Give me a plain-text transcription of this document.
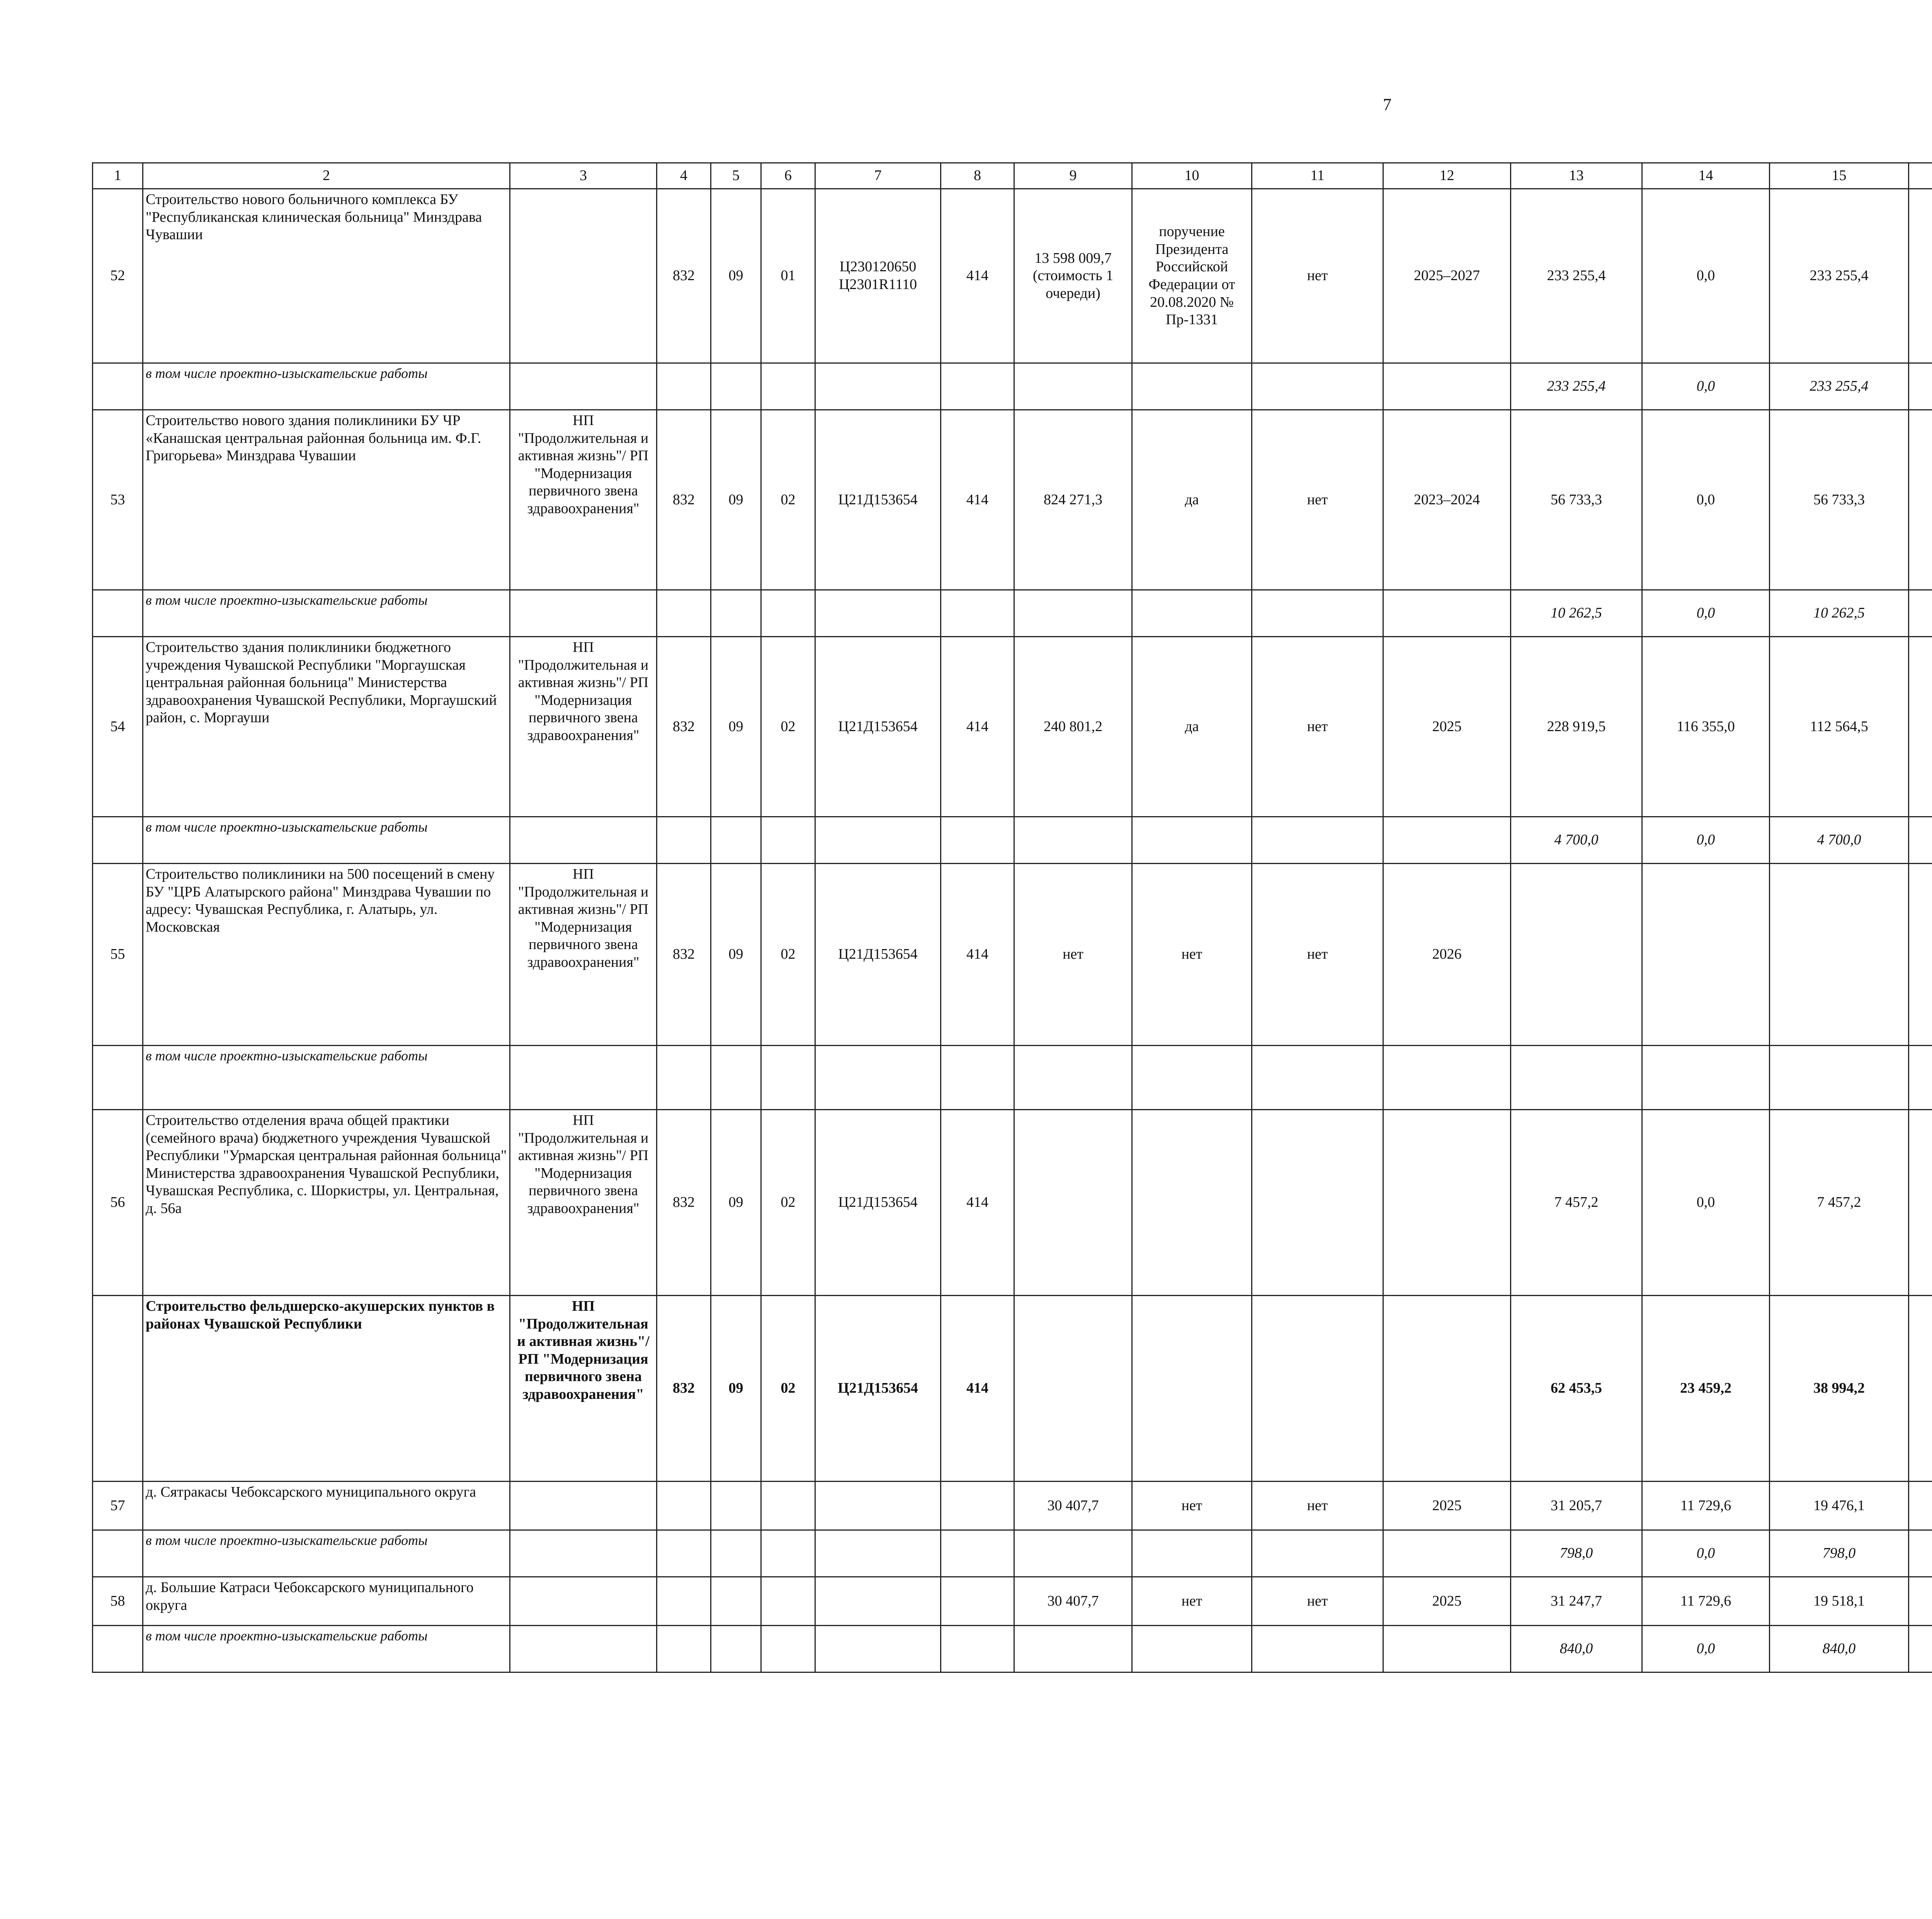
7
1	2	3	4	5	6	7	8	9	10	11	12	13	14	15						
52	Строительство нового больничного комплекса БУ "Республиканская клиническая больница" Минздрава Чувашии		832	09	01	Ц230120650 Ц2301R1110	414	13 598 009,7 (стоимость 1 очереди)	поручение Президента Российской Федерации от 20.08.2020 № Пр-1331	нет	2025–2027	233 255,4	0,0	233 255,4						
	в том числе проектно-изыскательские работы											233 255,4	0,0	233 255,4						
53	Строительство нового здания поликлиники БУ ЧР «Канашская центральная районная больница им. Ф.Г. Григорьева» Минздрава Чувашии	НП "Продолжительная и активная жизнь"/ РП "Модернизация первичного звена здравоохранения"	832	09	02	Ц21Д153654	414	824 271,3	да	нет	2023–2024	56 733,3	0,0	56 733,3						
	в том числе проектно-изыскательские работы											10 262,5	0,0	10 262,5						
54	Строительство здания поликлиники бюджетного учреждения Чувашской Республики "Моргаушская центральная районная больница" Министерства здравоохранения Чувашской Республики, Моргаушский район, с. Моргауши	НП "Продолжительная и активная жизнь"/ РП "Модернизация первичного звена здравоохранения"	832	09	02	Ц21Д153654	414	240 801,2	да	нет	2025	228 919,5	116 355,0	112 564,5						
	в том числе проектно-изыскательские работы											4 700,0	0,0	4 700,0						
55	Строительство поликлиники на 500 посещений в смену БУ "ЦРБ Алатырского района" Минздрава Чувашии по адресу: Чувашская Республика, г. Алатырь, ул. Московская	НП "Продолжительная и активная жизнь"/ РП "Модернизация первичного звена здравоохранения"	832	09	02	Ц21Д153654	414	нет	нет	нет	2026									
	в том числе проектно-изыскательские работы																			
56	Строительство отделения врача общей практики (семейного врача) бюджетного учреждения Чувашской Республики "Урмарская центральная районная больница" Министерства здравоохранения Чувашской Республики, Чувашская Республика, с. Шоркистры, ул. Центральная, д. 56а	НП "Продолжительная и активная жизнь"/ РП "Модернизация первичного звена здравоохранения"	832	09	02	Ц21Д153654	414					7 457,2	0,0	7 457,2						
	Строительство фельдшерско-акушерских пунктов в районах Чувашской Республики	НП "Продолжительная и активная жизнь"/ РП "Модернизация первичного звена здравоохранения"	832	09	02	Ц21Д153654	414					62 453,5	23 459,2	38 994,2						
57	д. Сятракасы Чебоксарского муниципального округа							30 407,7	нет	нет	2025	31 205,7	11 729,6	19 476,1						
	в том числе проектно-изыскательские работы											798,0	0,0	798,0						
58	д. Большие Катраси Чебоксарского муниципального округа							30 407,7	нет	нет	2025	31 247,7	11 729,6	19 518,1						
	в том числе проектно-изыскательские работы											840,0	0,0	840,0						
